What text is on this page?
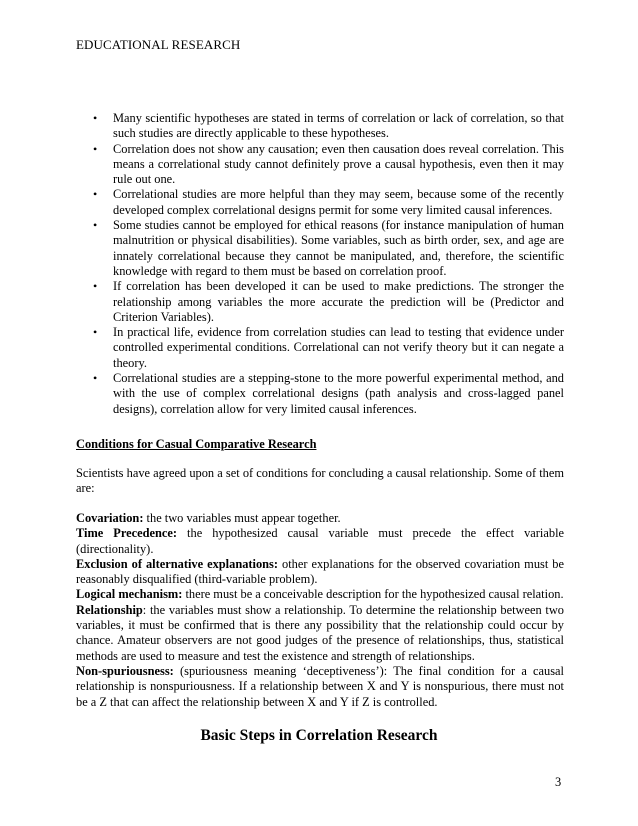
EDUCATIONAL RESEARCH
• Many scientific hypotheses are stated in terms of correlation or lack of correlation, so that such studies are directly applicable to these hypotheses.
• Correlation does not show any causation; even then causation does reveal correlation. This means a correlational study cannot definitely prove a causal hypothesis, even then it may rule out one.
• Correlational studies are more helpful than they may seem, because some of the recently developed complex correlational designs permit for some very limited causal inferences.
• Some studies cannot be employed for ethical reasons (for instance manipulation of human malnutrition or physical disabilities). Some variables, such as birth order, sex, and age are innately correlational because they cannot be manipulated, and, therefore, the scientific knowledge with regard to them must be based on correlation proof.
• If correlation has been developed it can be used to make predictions. The stronger the relationship among variables the more accurate the prediction will be (Predictor and Criterion Variables).
• In practical life, evidence from correlation studies can lead to testing that evidence under controlled experimental conditions. Correlational can not verify theory but it can negate a theory.
• Correlational studies are a stepping-stone to the more powerful experimental method, and with the use of complex correlational designs (path analysis and cross-lagged panel designs), correlation allow for very limited causal inferences.
Conditions for Casual Comparative Research

Scientists have agreed upon a set of conditions for concluding a causal relationship. Some of them are:

Covariation: the two variables must appear together.

Time Precedence: the hypothesized causal variable must precede the effect variable (directionality).

Exclusion of alternative explanations: other explanations for the observed covariation must be reasonably disqualified (third-variable problem).

Logical mechanism: there must be a conceivable description for the hypothesized causal relation.

Relationship: the variables must show a relationship. To determine the relationship between two variables, it must be confirmed that is there any possibility that the relationship could occur by chance. Amateur observers are not good judges of the presence of relationships, thus, statistical methods are used to measure and test the existence and strength of relationships.

Non-spuriousness: (spuriousness meaning ‘deceptiveness’): The final condition for a causal relationship is nonspuriousness. If a relationship between X and Y is nonspurious, there must not be a Z that can affect the relationship between X and Y if Z is controlled.

Basic Steps in Correlation Research
3
